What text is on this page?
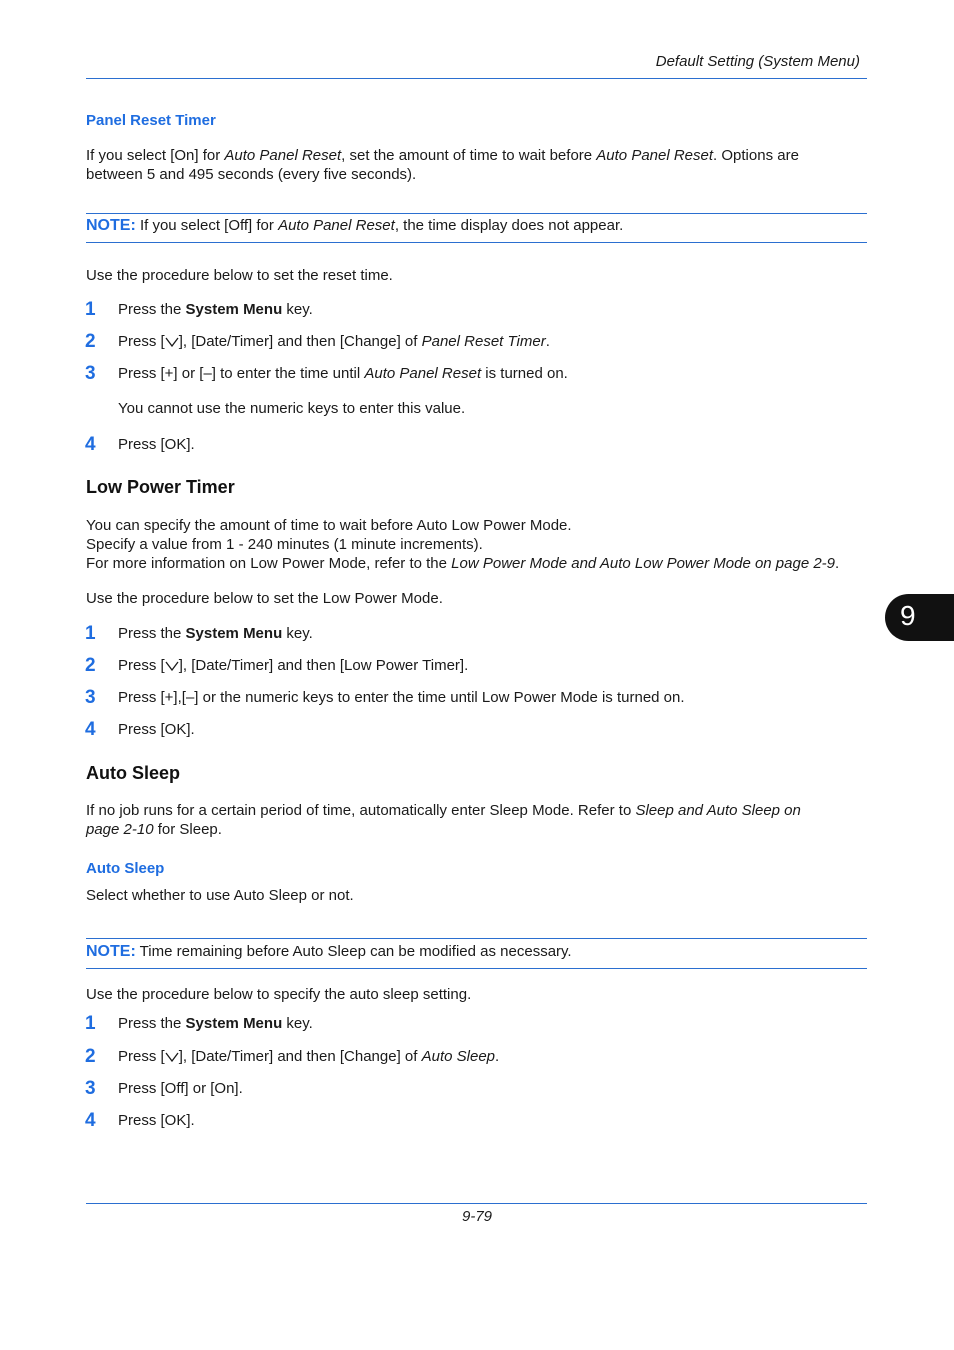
Default Setting (System Menu)
9
Panel Reset Timer
If you select [On] for Auto Panel Reset, set the amount of time to wait before Auto Panel Reset. Options are
between 5 and 495 seconds (every five seconds).
NOTE: If you select [Off] for Auto Panel Reset, the time display does not appear.
Use the procedure below to set the reset time.
1 Press the System Menu key.
2 Press [ ], [Date/Timer] and then [Change] of Panel Reset Timer.
3 Press [+] or [–] to enter the time until Auto Panel Reset is turned on.
You cannot use the numeric keys to enter this value.
4 Press [OK].
Low Power Timer
You can specify the amount of time to wait before Auto Low Power Mode.
Specify a value from 1 - 240 minutes (1 minute increments).
For more information on Low Power Mode, refer to the Low Power Mode and Auto Low Power Mode on page 2-9.
Use the procedure below to set the Low Power Mode.
1 Press the System Menu key.
2 Press [ ], [Date/Timer] and then [Low Power Timer].
3 Press [+],[–] or the numeric keys to enter the time until Low Power Mode is turned on.
4 Press [OK].
Auto Sleep
If no job runs for a certain period of time, automatically enter Sleep Mode. Refer to Sleep and Auto Sleep on
page 2-10 for Sleep.
Auto Sleep
Select whether to use Auto Sleep or not.
NOTE: Time remaining before Auto Sleep can be modified as necessary.
Use the procedure below to specify the auto sleep setting.
1 Press the System Menu key.
2 Press [ ], [Date/Timer] and then [Change] of Auto Sleep.
3 Press [Off] or [On].
4 Press [OK].
9-79
